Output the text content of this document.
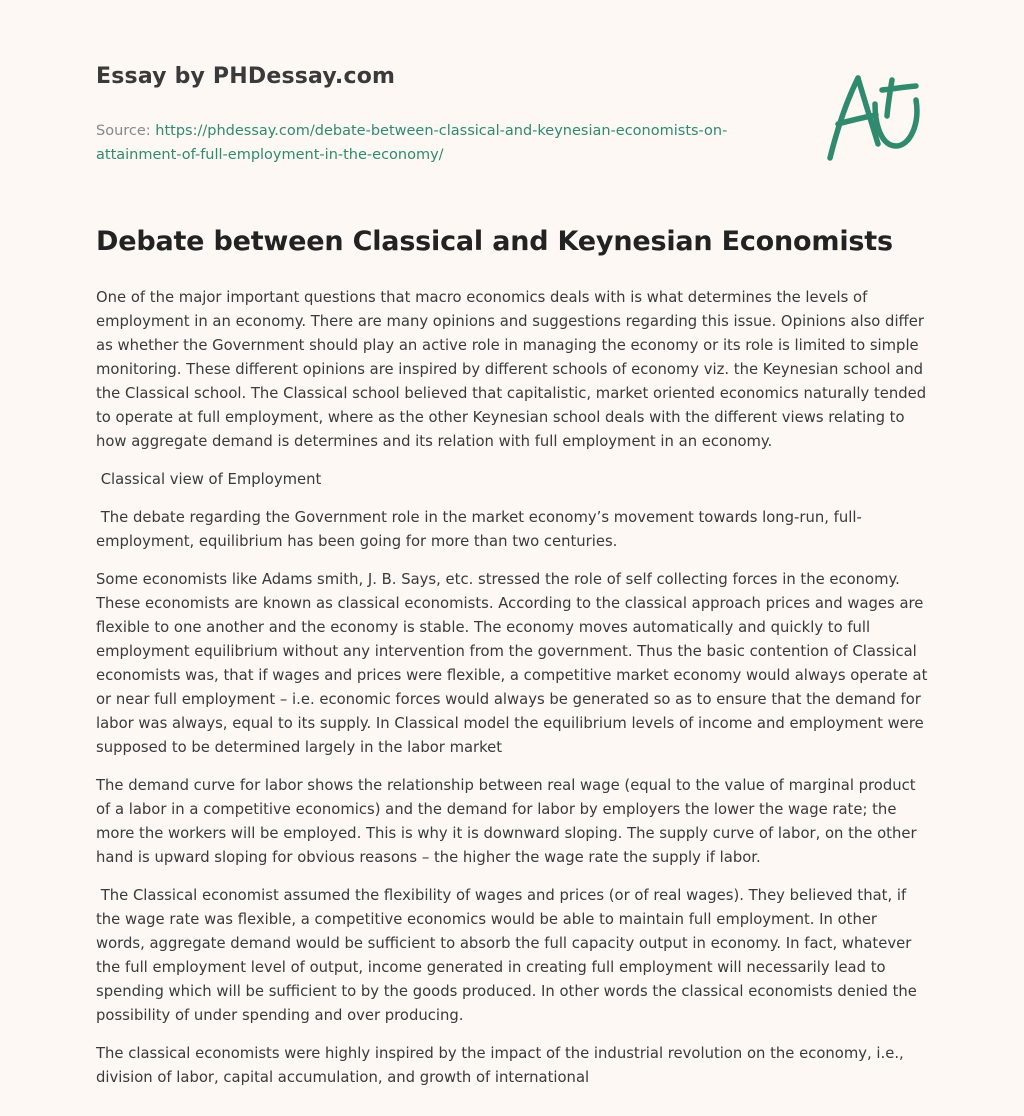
Essay by PHDessay.com
Source: https://phdessay.com/debate-between-classical-and-keynesian-economists-on-
attainment-of-full-employment-in-the-economy/
Debate between Classical and Keynesian Economists

One of the major important questions that macro economics deals with is what determines the levels of employment in an economy. There are many opinions and suggestions regarding this issue. Opinions also differ as whether the Government should play an active role in managing the economy or its role is limited to simple monitoring. These different opinions are inspired by different schools of economy viz. the Keynesian school and the Classical school. The Classical school believed that capitalistic, market oriented economics naturally tended to operate at full employment, where as the other Keynesian school deals with the different views relating to how aggregate demand is determines and its relation with full employment in an economy.

Classical view of Employment

The debate regarding the Government role in the market economy’s movement towards long-run, full-employment, equilibrium has been going for more than two centuries.

Some economists like Adams smith, J. B. Says, etc. stressed the role of self collecting forces in the economy. These economists are known as classical economists. According to the classical approach prices and wages are flexible to one another and the economy is stable. The economy moves automatically and quickly to full employment equilibrium without any intervention from the government. Thus the basic contention of Classical economists was, that if wages and prices were flexible, a competitive market economy would always operate at or near full employment – i.e. economic forces would always be generated so as to ensure that the demand for labor was always, equal to its supply. In Classical model the equilibrium levels of income and employment were supposed to be determined largely in the labor market

The demand curve for labor shows the relationship between real wage (equal to the value of marginal product of a labor in a competitive economics) and the demand for labor by employers the lower the wage rate; the more the workers will be employed. This is why it is downward sloping. The supply curve of labor, on the other hand is upward sloping for obvious reasons – the higher the wage rate the supply if labor.

The Classical economist assumed the flexibility of wages and prices (or of real wages). They believed that, if the wage rate was flexible, a competitive economics would be able to maintain full employment. In other words, aggregate demand would be sufficient to absorb the full capacity output in economy. In fact, whatever the full employment level of output, income generated in creating full employment will necessarily lead to spending which will be sufficient to by the goods produced. In other words the classical economists denied the possibility of under spending and over producing.

The classical economists were highly inspired by the impact of the industrial revolution on the economy, i.e., division of labor, capital accumulation, and growth of international
